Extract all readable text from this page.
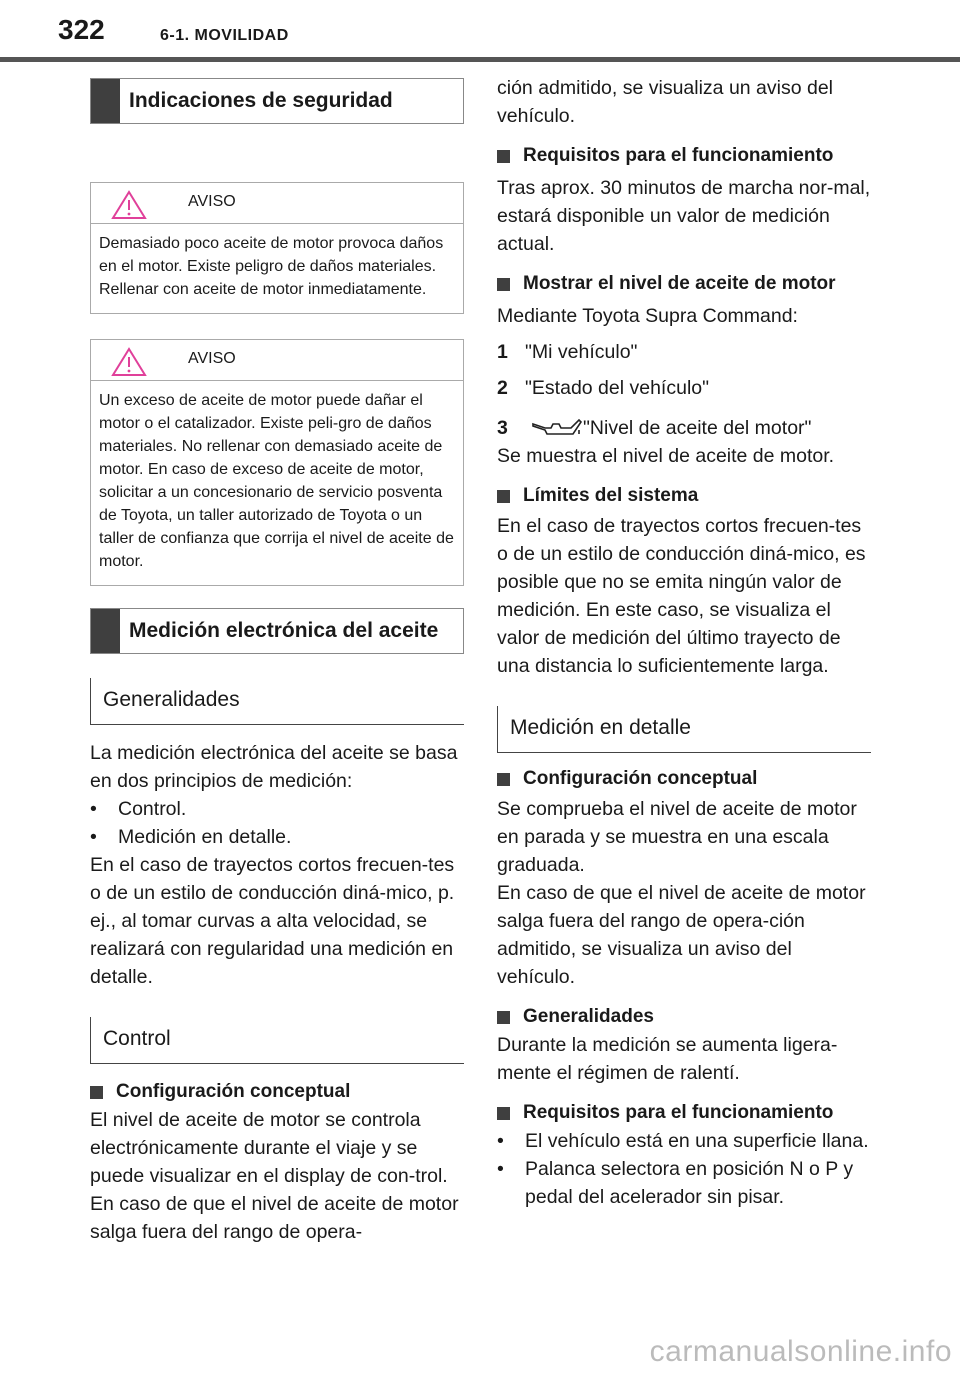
322	6-1. MOVILIDAD
Indicaciones de seguridad
AVISO
Demasiado poco aceite de motor provoca daños en el motor. Existe peligro de daños materiales. Rellenar con aceite de motor inmediatamente.
AVISO
Un exceso de aceite de motor puede dañar el motor o el catalizador. Existe peli-gro de daños materiales. No rellenar con demasiado aceite de motor. En caso de exceso de aceite de motor, solicitar a un concesionario de servicio posventa de Toyota, un taller autorizado de Toyota o un taller de confianza que corrija el nivel de aceite de motor.
Medición electrónica del aceite
Generalidades

La medición electrónica del aceite se basa en dos principios de medición:

• Control.
• Medición en detalle.

En el caso de trayectos cortos frecuen-tes o de un estilo de conducción diná-mico, p. ej., al tomar curvas a alta velocidad, se realizará con regularidad una medición en detalle.

Control
Configuración conceptual

El nivel de aceite de motor se controla electrónicamente durante el viaje y se puede visualizar en el display de con-trol.

En caso de que el nivel de aceite de motor salga fuera del rango de opera-

ción admitido, se visualiza un aviso del vehículo.

Requisitos para el funcionamiento

Tras aprox. 30 minutos de marcha nor-mal, estará disponible un valor de medición actual.

Mostrar el nivel de aceite de motor

Mediante Toyota Supra Command:

1 "Mi vehículo"
2 "Estado del vehículo"
3	"Nivel de aceite del motor"

Se muestra el nivel de aceite de motor.

Límites del sistema

En el caso de trayectos cortos frecuen-tes o de un estilo de conducción diná-mico, es posible que no se emita ningún valor de medición. En este caso, se visualiza el valor de medición del último trayecto de una distancia lo suficientemente larga.

Medición en detalle
Configuración conceptual

Se comprueba el nivel de aceite de motor en parada y se muestra en una escala graduada.

En caso de que el nivel de aceite de motor salga fuera del rango de opera-ción admitido, se visualiza un aviso del vehículo.

Generalidades

Durante la medición se aumenta ligera-mente el régimen de ralentí.

Requisitos para el funcionamiento
• El vehículo está en una superficie llana.
• Palanca selectora en posición N o P y pedal del acelerador sin pisar.
carmanualsonline.info
